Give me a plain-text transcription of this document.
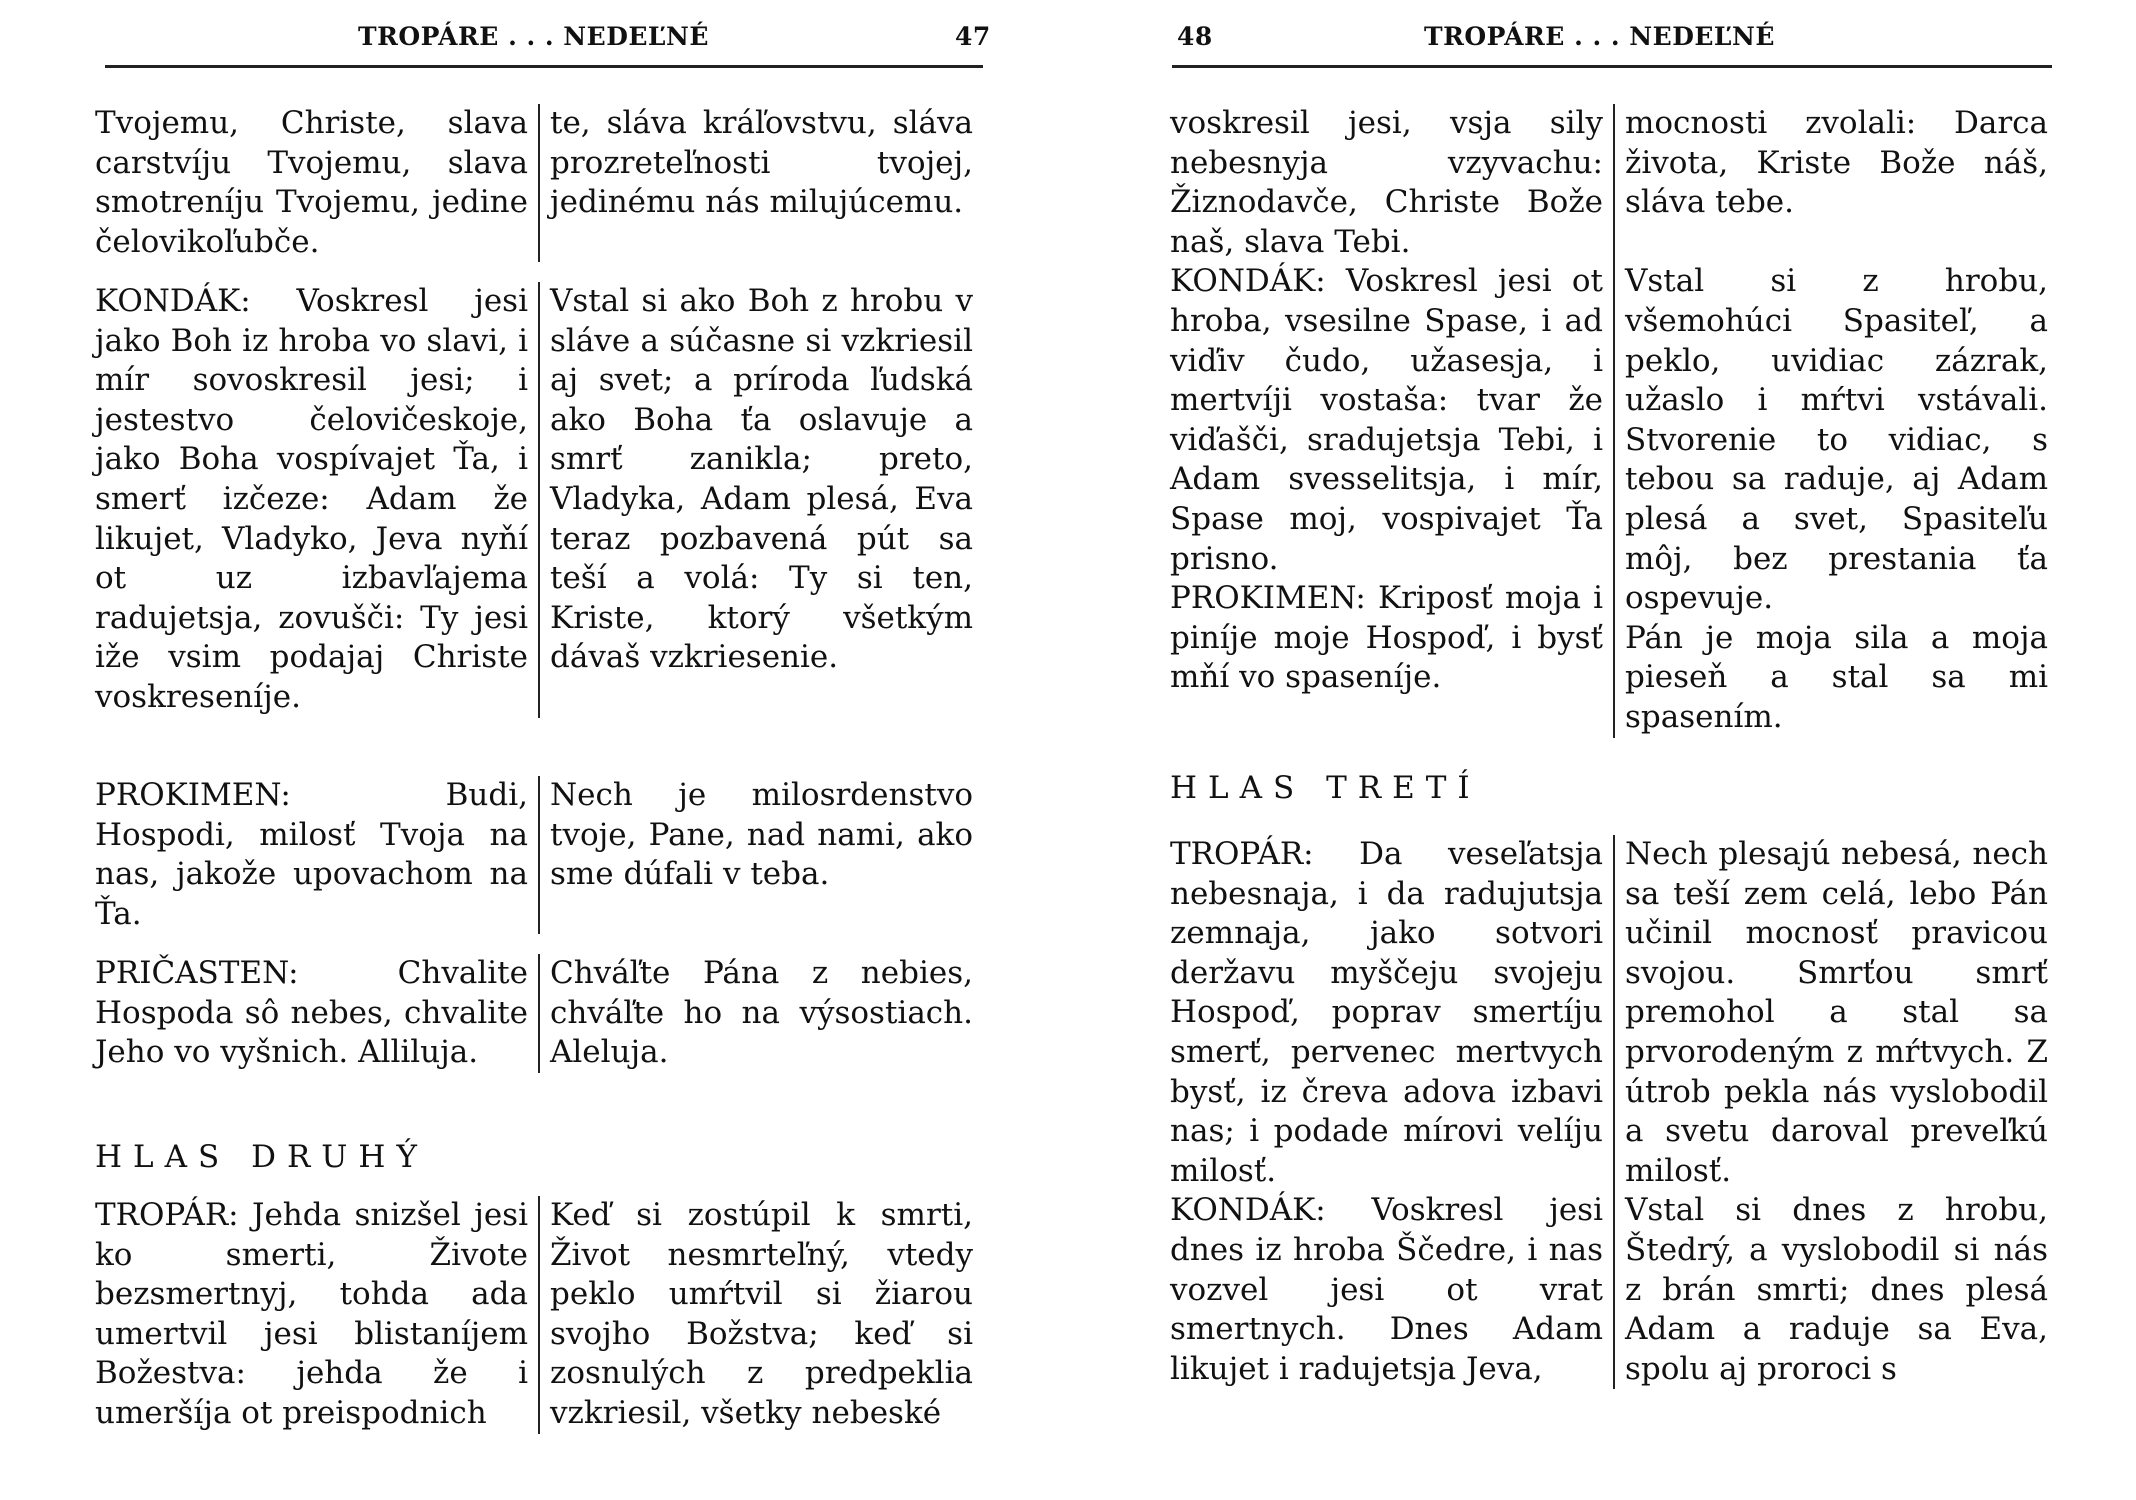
TROPÁRE . . . NEDEĽNÉ	47

Tvojemu, Christe, slava carstvíju Tvojemu, slava smotreníju Tvojemu, jedine čelovikoľubče.

te, sláva kráľovstvu, sláva prozreteľnosti tvojej, jedinému nás milujúcemu.

KONDÁK: Voskresl jesi jako Boh iz hroba vo slavi, i mír sovoskresil jesi; i jestestvo čelovičeskoje, jako Boha vospívajet Ťa, i smerť izčeze: Adam že likujet, Vladyko, Jeva nyňí ot uz izbavľajema radujetsja, zovušči: Ty jesi iže vsim podajaj Christe voskreseníje.

Vstal si ako Boh z hrobu v sláve a súčasne si vzkriesil aj svet; a príroda ľudská ako Boha ťa oslavuje a smrť zanikla; preto, Vladyka, Adam plesá, Eva teraz pozbavená pút sa teší a volá: Ty si ten, Kriste, ktorý všetkým dávaš vzkriesenie.

PROKIMEN: Budi, Hospodi, milosť Tvoja na nas, jakože upovachom na Ťa.

Nech je milosrdenstvo tvoje, Pane, nad nami, ako sme dúfali v teba.

PRIČASTEN: Chvalite Hospoda sô nebes, chvalite Jeho vo vyšnich. Alliluja.

Chváľte Pána z nebies, chváľte ho na výsostiach. Aleluja.

HLAS DRUHÝ

TROPÁR: Jehda snizšel jesi ko smerti, Živote bezsmertnyj, tohda ada umertvil jesi blistaníjem Božestva: jehda že i umeršíja ot preispodnich

Keď si zostúpil k smrti, Život nesmrteľný, vtedy peklo umŕtvil si žiarou svojho Božstva; keď si zosnulých z predpeklia vzkriesil, všetky nebeské

48	TROPÁRE . . . NEDEĽNÉ

voskresil jesi, vsja sily nebesnyja vzyvachu: Žiznodavče, Christe Bože naš, slava Tebi.
KONDÁK: Voskresl jesi ot hroba, vsesilne Spase, i ad viďiv čudo, užasesja, i mertvíji vostaša: tvar že viďašči, sradujetsja Tebi, i Adam svesselitsja, i mír, Spase moj, vospivajet Ťa prisno.
PROKIMEN: Kriposť moja i piníje moje Hospoď, i bysť mňí vo spaseníje.

mocnosti zvolali: Darca života, Kriste Bože náš, sláva tebe.

Vstal si z hrobu, všemohúci Spasiteľ, a peklo, uvidiac zázrak, užaslo i mŕtvi vstávali. Stvorenie to vidiac, s tebou sa raduje, aj Adam plesá a svet, Spasiteľu môj, bez prestania ťa ospevuje.
Pán je moja sila a moja pieseň a stal sa mi spasením.

HLAS TRETÍ

TROPÁR: Da veseľatsja nebesnaja, i da radujutsja zemnaja, jako sotvori deržavu myščeju svojeju Hospoď, poprav smertíju smerť, pervenec mertvych bysť, iz čreva adova izbavi nas; i podade mírovi velíju milosť.
KONDÁK: Voskresl jesi dnes iz hroba Ščedre, i nas vozvel jesi ot vrat smertnych. Dnes Adam likujet i radujetsja Jeva,

Nech plesajú nebesá, nech sa teší zem celá, lebo Pán učinil mocnosť pravicou svojou. Smrťou smrť premohol a stal sa prvorodeným z mŕtvych. Z útrob pekla nás vyslobodil a svetu daroval preveľkú milosť.
Vstal si dnes z hrobu, Štedrý, a vyslobodil si nás z brán smrti; dnes plesá Adam a raduje sa Eva, spolu aj proroci s
